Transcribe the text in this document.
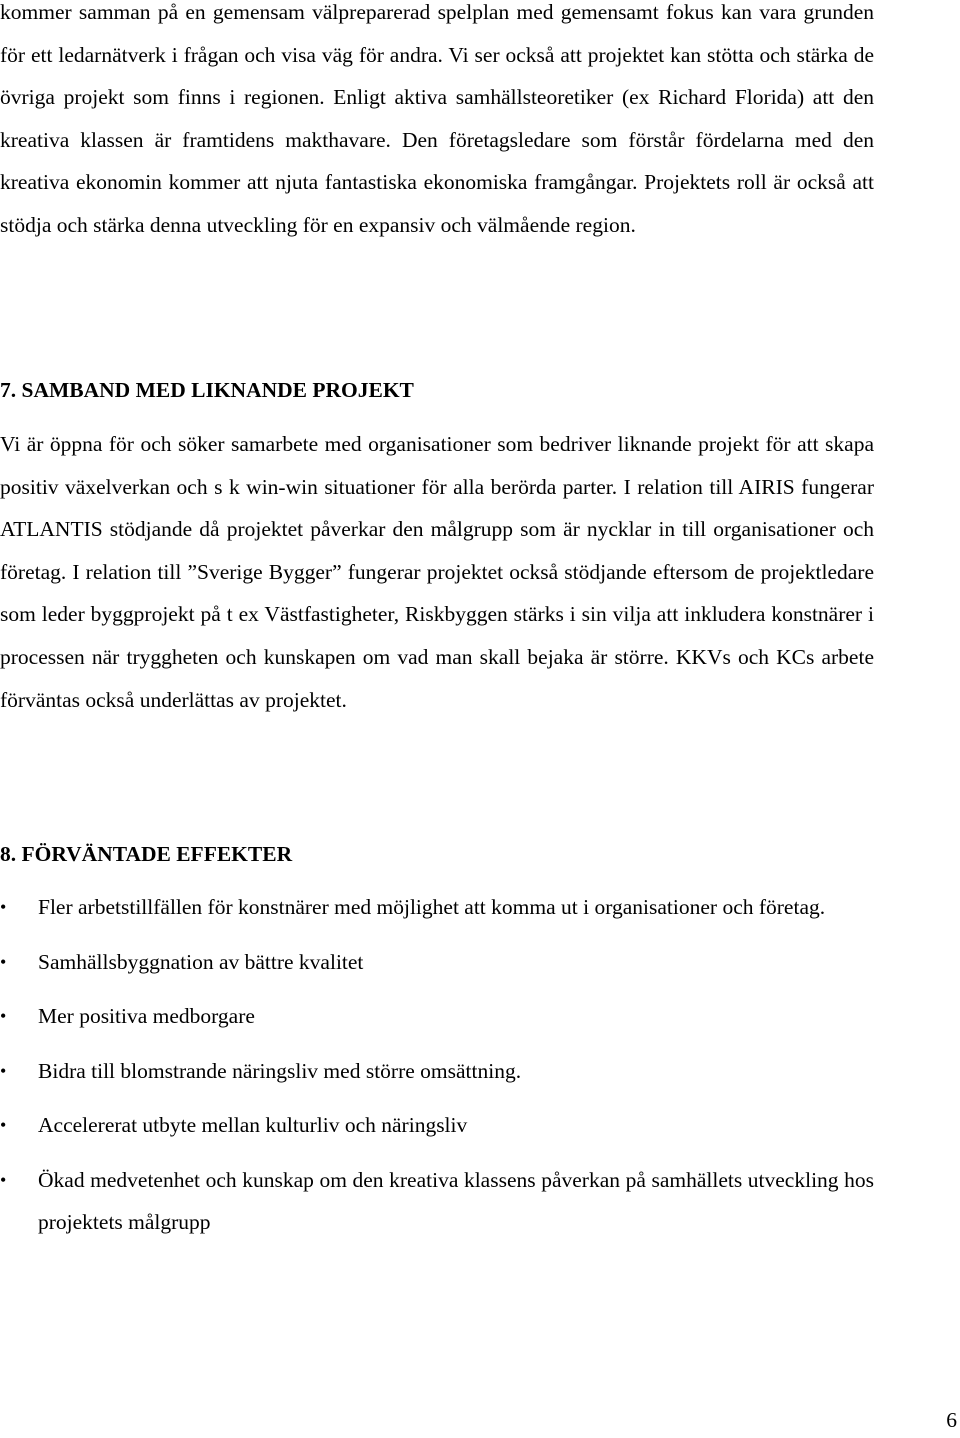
kommer samman på en gemensam välpreparerad spelplan med gemensamt fokus kan vara grunden för ett ledarnätverk i frågan och visa väg för andra. Vi ser också att projektet kan stötta och stärka de övriga projekt som finns i regionen. Enligt aktiva samhällsteoretiker (ex Richard Florida) att den kreativa klassen är framtidens makthavare. Den företagsledare som förstår fördelarna med den kreativa ekonomin kommer att njuta fantastiska ekonomiska framgångar. Projektets roll är också att stödja och stärka denna utveckling för en expansiv och välmående region.

7. SAMBAND MED LIKNANDE PROJEKT

Vi är öppna för och söker samarbete med organisationer som bedriver liknande projekt för att skapa positiv växelverkan och s k win-win situationer för alla berörda parter. I relation till AIRIS fungerar ATLANTIS stödjande då projektet påverkar den målgrupp som är nycklar in till organisationer och företag. I relation till ”Sverige Bygger” fungerar projektet också stödjande eftersom de projektledare som leder byggprojekt på t ex Västfastigheter, Riskbyggen stärks i sin vilja att inkludera konstnärer i processen när tryggheten och kunskapen om vad man skall bejaka är större. KKVs och KCs arbete förväntas också underlättas av projektet.

8. FÖRVÄNTADE EFFEKTER
•	Fler arbetstillfällen för konstnärer med möjlighet att komma ut i organisationer och företag.
•	Samhällsbyggnation av bättre kvalitet
•	Mer positiva medborgare
•	Bidra till blomstrande näringsliv med större omsättning.
•	Accelererat utbyte mellan kulturliv och näringsliv
•	Ökad medvetenhet och kunskap om den kreativa klassens påverkan på samhällets utveckling hos projektets målgrupp
6
